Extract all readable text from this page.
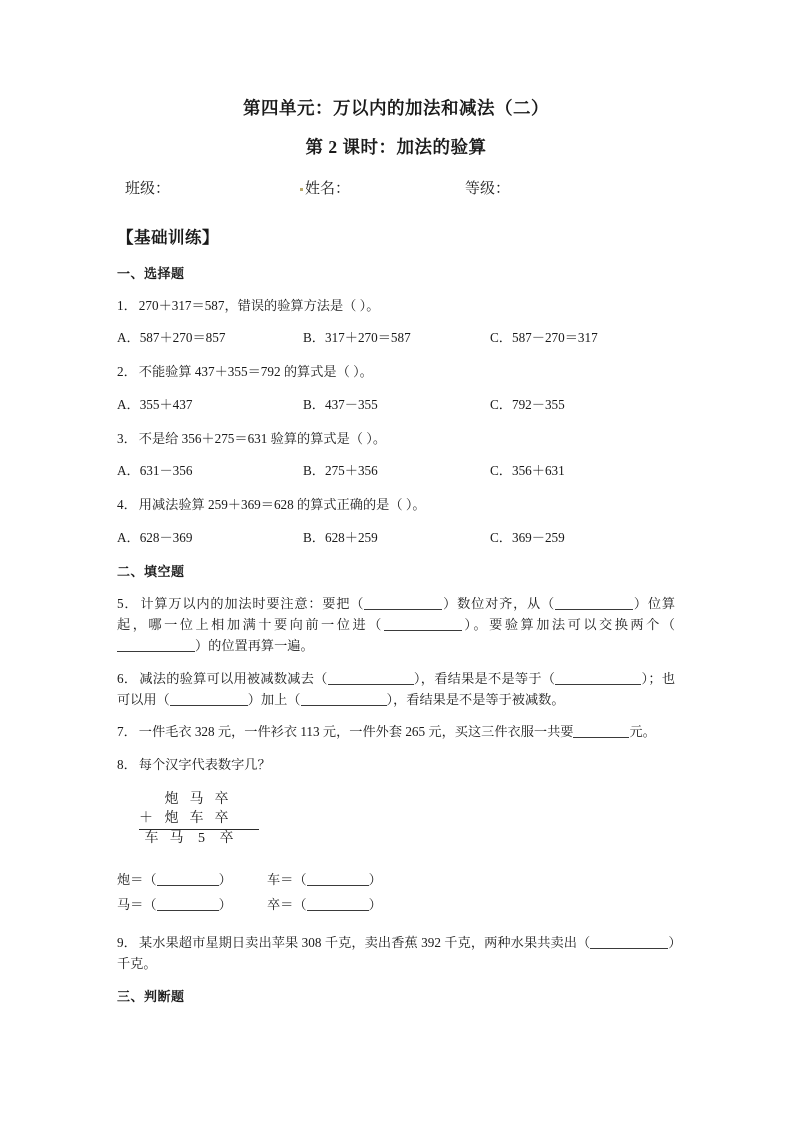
第四单元：万以内的加法和减法（二）
第 2 课时：加法的验算
班级：	姓名：	等级：
【基础训练】
一、选择题
1． 270＋317＝587，错误的验算方法是（ ）。
A．587＋270＝857	B．317＋270＝587	C．587－270＝317
2． 不能验算 437＋355＝792 的算式是（ ）。
A．355＋437	B．437－355	C．792－355
3． 不是给 356＋275＝631 验算的算式是（ ）。
A．631－356	B．275＋356	C．356＋631
4． 用减法验算 259＋369＝628 的算式正确的是（ ）。
A．628－369	B．628＋259	C．369－259
二、填空题
5． 计算万以内的加法时要注意：要把（	）数位对齐，从（	）位算起，哪一位上相加满十要向前一位进（	）。要验算加法可以交换两个（）的位置再算一遍。
6． 减法的验算可以用被减数减去（	），看结果是不是等于（	）；也可以用（	）加上（	），看结果是不是等于被减数。
7． 一件毛衣 328 元，一件衫衣 113 元，一件外套 265 元，买这三件衣服一共要	元。
8． 每个汉字代表数字几？
炮 马 卒
＋ 炮 车 卒
车 马	5	卒
炮＝（	）	车＝（	）
马＝（	）	卒＝（	）
9． 某水果超市星期日卖出苹果 308 千克，卖出香蕉 392 千克，两种水果共卖出（	）千克。
三、判断题
